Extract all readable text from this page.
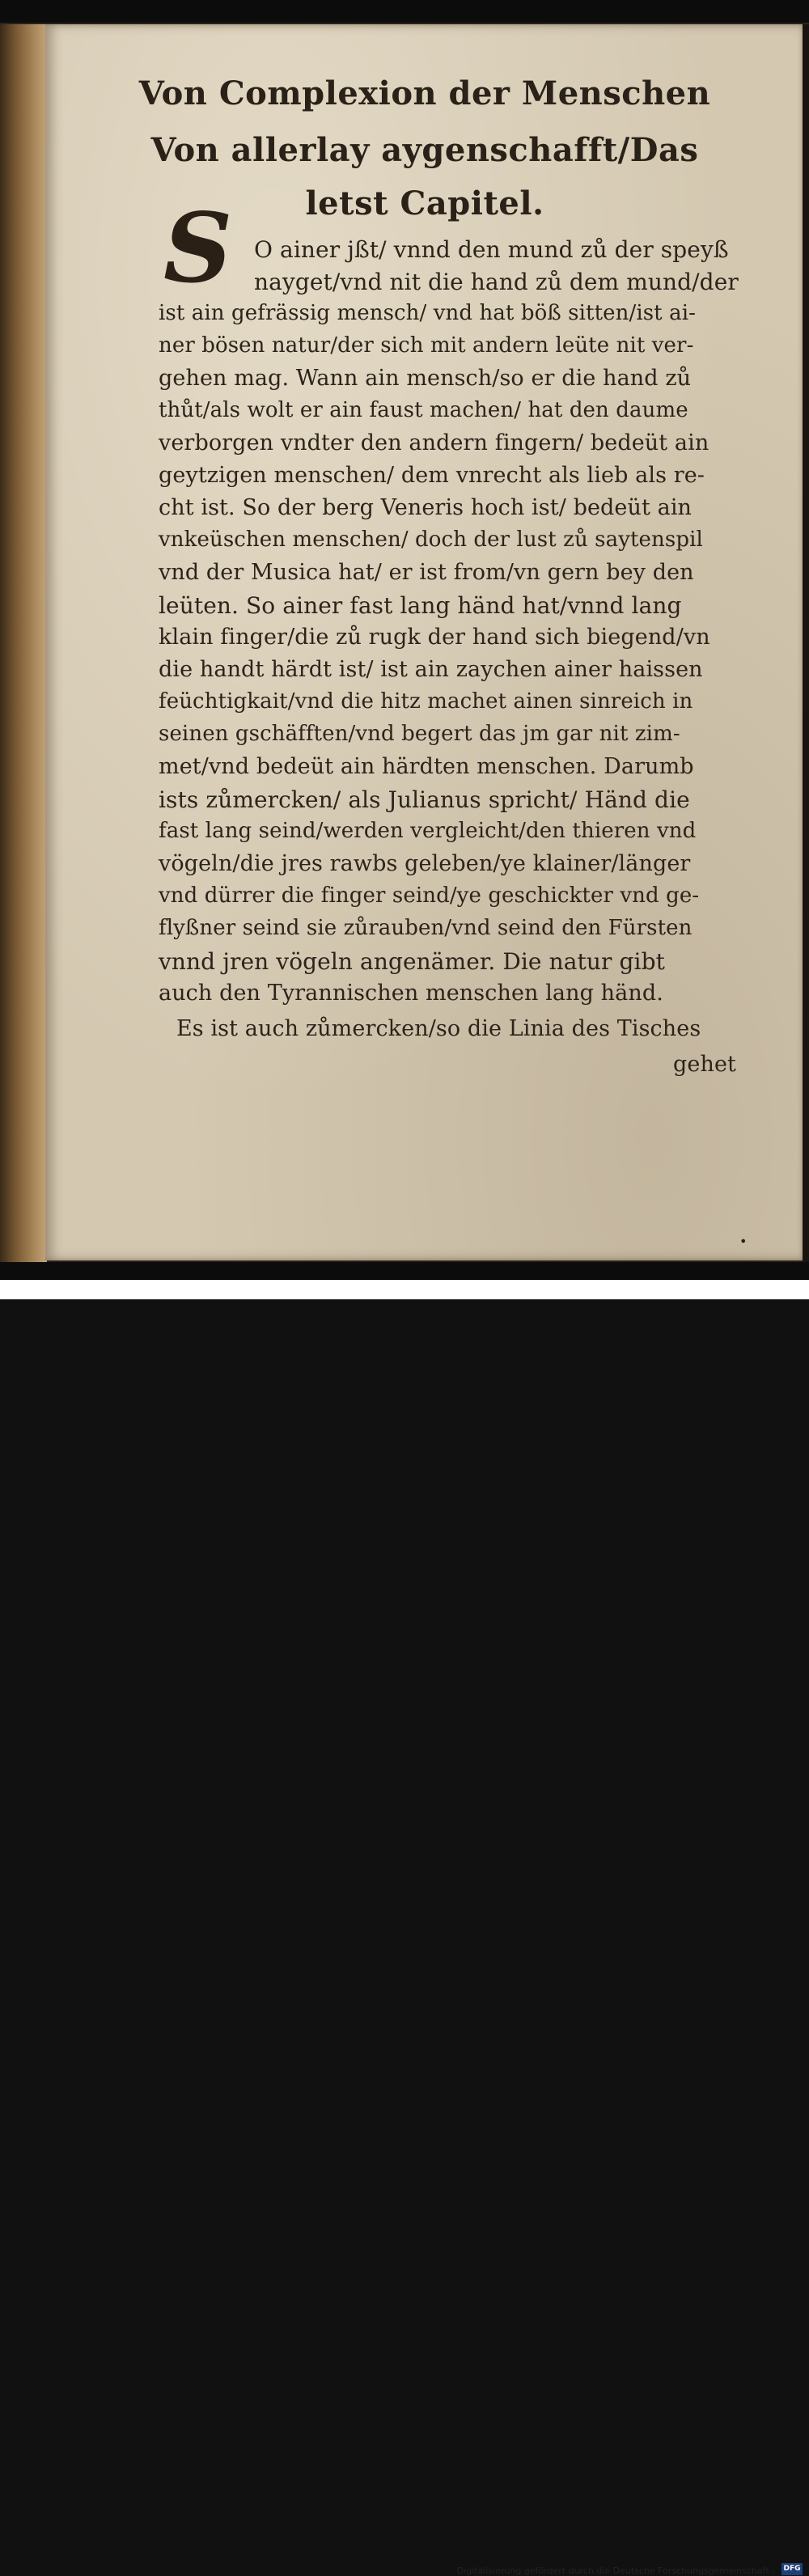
Von Complexion der Menschen
Von allerlay aygenschafft/Das
letst Capitel.
S O ainer jßt/ vnnd den mund zů der speyß
nayget/vnd nit die hand zů dem mund/der
ist ain gefrässig mensch/ vnd hat böß sitten/ist ai-
ner bösen natur/der sich mit andern leüte nit ver-
gehen mag. Wann ain mensch/so er die hand zů
thůt/als wolt er ain faust machen/ hat den daume
verborgen vndter den andern fingern/ bedeüt ain
geytzigen menschen/ dem vnrecht als lieb als re-
cht ist. So der berg Veneris hoch ist/ bedeüt ain
vnkeüschen menschen/ doch der lust zů saytenspil
vnd der Musica hat/ er ist from/vn gern bey den
leüten. So ainer fast lang händ hat/vnnd lang
klain finger/die zů rugk der hand sich biegend/vn
die handt härdt ist/ ist ain zaychen ainer haissen
feüchtigkait/vnd die hitz machet ainen sinreich in
seinen gschäfften/vnd begert das jm gar nit zim-
met/vnd bedeüt ain härdten menschen. Darumb
ists zůmercken/ als Julianus spricht/ Händ die
fast lang seind/werden vergleicht/den thieren vnd
vögeln/die jres rawbs geleben/ye klainer/länger
vnd dürrer die finger seind/ye geschickter vnd ge-
flyßner seind sie zůrauben/vnd seind den Fürsten
vnnd jren vögeln angenämer. Die natur gibt
auch den Tyrannischen menschen lang händ.
Es ist auch zůmercken/so die Linia des Tisches
gehet
•
Digitalisierung gefördert durch die Deutsche Forschungsgemeinschaft - DFG
